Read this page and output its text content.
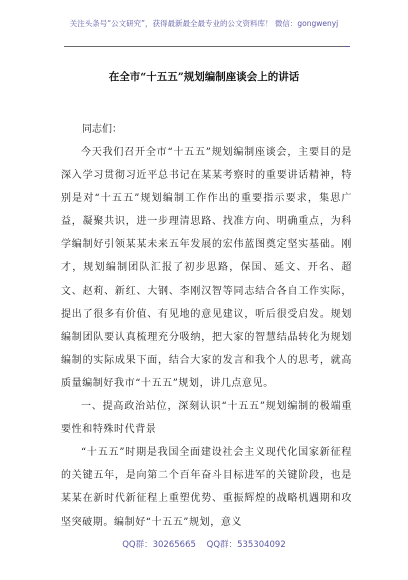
关注头条号“公文研究”，获得最新最全最专业的公文资料库！ 微信：gongwenyj
在全市“十五五”规划编制座谈会上的讲话
同志们：

今天我们召开全市“十五五”规划编制座谈会，主要目的是深入学习贯彻习近平总书记在某某考察时的重要讲话精神，特别是对“十五五”规划编制工作作出的重要指示要求，集思广益，凝聚共识，进一步理清思路、找准方向、明确重点，为科学编制好引领某某未来五年发展的宏伟蓝图奠定坚实基础。刚才，规划编制团队汇报了初步思路，保国、延文、开名、超文、赵莉、新红、大钢、李刚汉智等同志结合各自工作实际，提出了很多有价值、有见地的意见建议，听后很受启发。规划编制团队要认真梳理充分吸纳，把大家的智慧结晶转化为规划编制的实际成果下面，结合大家的发言和我个人的思考，就高质量编制好我市“十五五”规划，讲几点意见。

一、提高政治站位，深刻认识“十五五”规划编制的极端重要性和特殊时代背景

“十五五”时期是我国全面建设社会主义现代化国家新征程的关键五年，是向第二个百年奋斗目标进军的关键阶段，也是某某在新时代新征程上重塑优势、重振辉煌的战略机遇期和攻坚突破期。编制好“十五五”规划，意义

QQ群：30265665    QQ群：535304092
